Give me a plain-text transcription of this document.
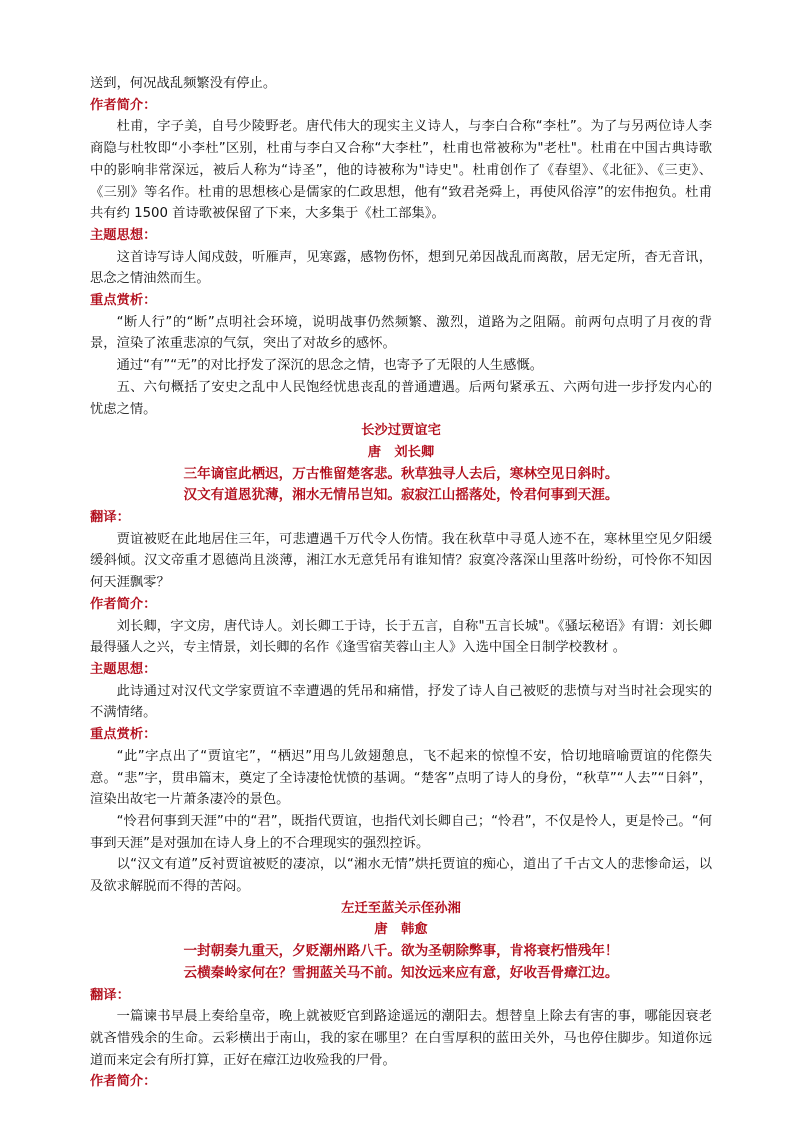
送到，何况战乱频繁没有停止。
作者简介：
杜甫，字子美，自号少陵野老。唐代伟大的现实主义诗人，与李白合称“李杜”。为了与另两位诗人李商隐与杜牧即“小李杜”区别，杜甫与李白又合称“大李杜”，杜甫也常被称为"老杜"。杜甫在中国古典诗歌中的影响非常深远，被后人称为“诗圣”，他的诗被称为"诗史"。杜甫创作了《春望》、《北征》、《三吏》、《三别》等名作。杜甫的思想核心是儒家的仁政思想，他有“致君尧舜上，再使风俗淳”的宏伟抱负。杜甫共有约 1500 首诗歌被保留了下来，大多集于《杜工部集》。
主题思想：
这首诗写诗人闻戍鼓，听雁声，见寒露，感物伤怀，想到兄弟因战乱而离散，居无定所，杳无音讯，思念之情油然而生。
重点赏析：
“断人行”的“断”点明社会环境，说明战事仍然频繁、激烈，道路为之阻隔。前两句点明了月夜的背景，渲染了浓重悲凉的气氛，突出了对故乡的感怀。
通过“有”“无”的对比抒发了深沉的思念之情，也寄予了无限的人生感慨。
五、六句概括了安史之乱中人民饱经忧患丧乱的普通遭遇。后两句紧承五、六两句进一步抒发内心的忧虑之情。
长沙过贾谊宅
唐　刘长卿
三年谪宦此栖迟，万古惟留楚客悲。秋草独寻人去后，寒林空见日斜时。
汉文有道恩犹薄，湘水无情吊岂知。寂寂江山摇落处，怜君何事到天涯。
翻译：
贾谊被贬在此地居住三年，可悲遭遇千万代令人伤情。我在秋草中寻觅人迹不在，寒林里空见夕阳缓缓斜倾。汉文帝重才恩德尚且淡薄，湘江水无意凭吊有谁知情？寂寞冷落深山里落叶纷纷，可怜你不知因何天涯飘零？
作者简介：
刘长卿，字文房，唐代诗人。刘长卿工于诗，长于五言，自称"五言长城"。《骚坛秘语》有谓：刘长卿最得骚人之兴，专主情景，刘长卿的名作《逢雪宿芙蓉山主人》入选中国全日制学校教材 。
主题思想：
此诗通过对汉代文学家贾谊不幸遭遇的凭吊和痛惜，抒发了诗人自己被贬的悲愤与对当时社会现实的不满情绪。
重点赏析：
“此”字点出了“贾谊宅”，“栖迟”用鸟儿敛翅憩息，飞不起来的惊惶不安，恰切地暗喻贾谊的侘傺失意。“悲”字，贯串篇末，奠定了全诗凄怆忧愤的基调。“楚客”点明了诗人的身份，“秋草”“人去”“日斜”，渲染出故宅一片萧条凄冷的景色。
“怜君何事到天涯”中的“君”，既指代贾谊，也指代刘长卿自己；“怜君”，不仅是怜人，更是怜己。“何事到天涯”是对强加在诗人身上的不合理现实的强烈控诉。
以“汉文有道”反衬贾谊被贬的凄凉，以“湘水无情”烘托贾谊的痴心，道出了千古文人的悲惨命运，以及欲求解脱而不得的苦闷。
左迁至蓝关示侄孙湘
唐　韩愈
一封朝奏九重天，夕贬潮州路八千。欲为圣朝除弊事，肯将衰朽惜残年！
云横秦岭家何在？雪拥蓝关马不前。知汝远来应有意，好收吾骨瘴江边。
翻译：
一篇谏书早晨上奏给皇帝，晚上就被贬官到路途遥远的潮阳去。想替皇上除去有害的事，哪能因衰老就吝惜残余的生命。云彩横出于南山，我的家在哪里？在白雪厚积的蓝田关外，马也停住脚步。知道你远道而来定会有所打算，正好在瘴江边收殓我的尸骨。
作者简介：
